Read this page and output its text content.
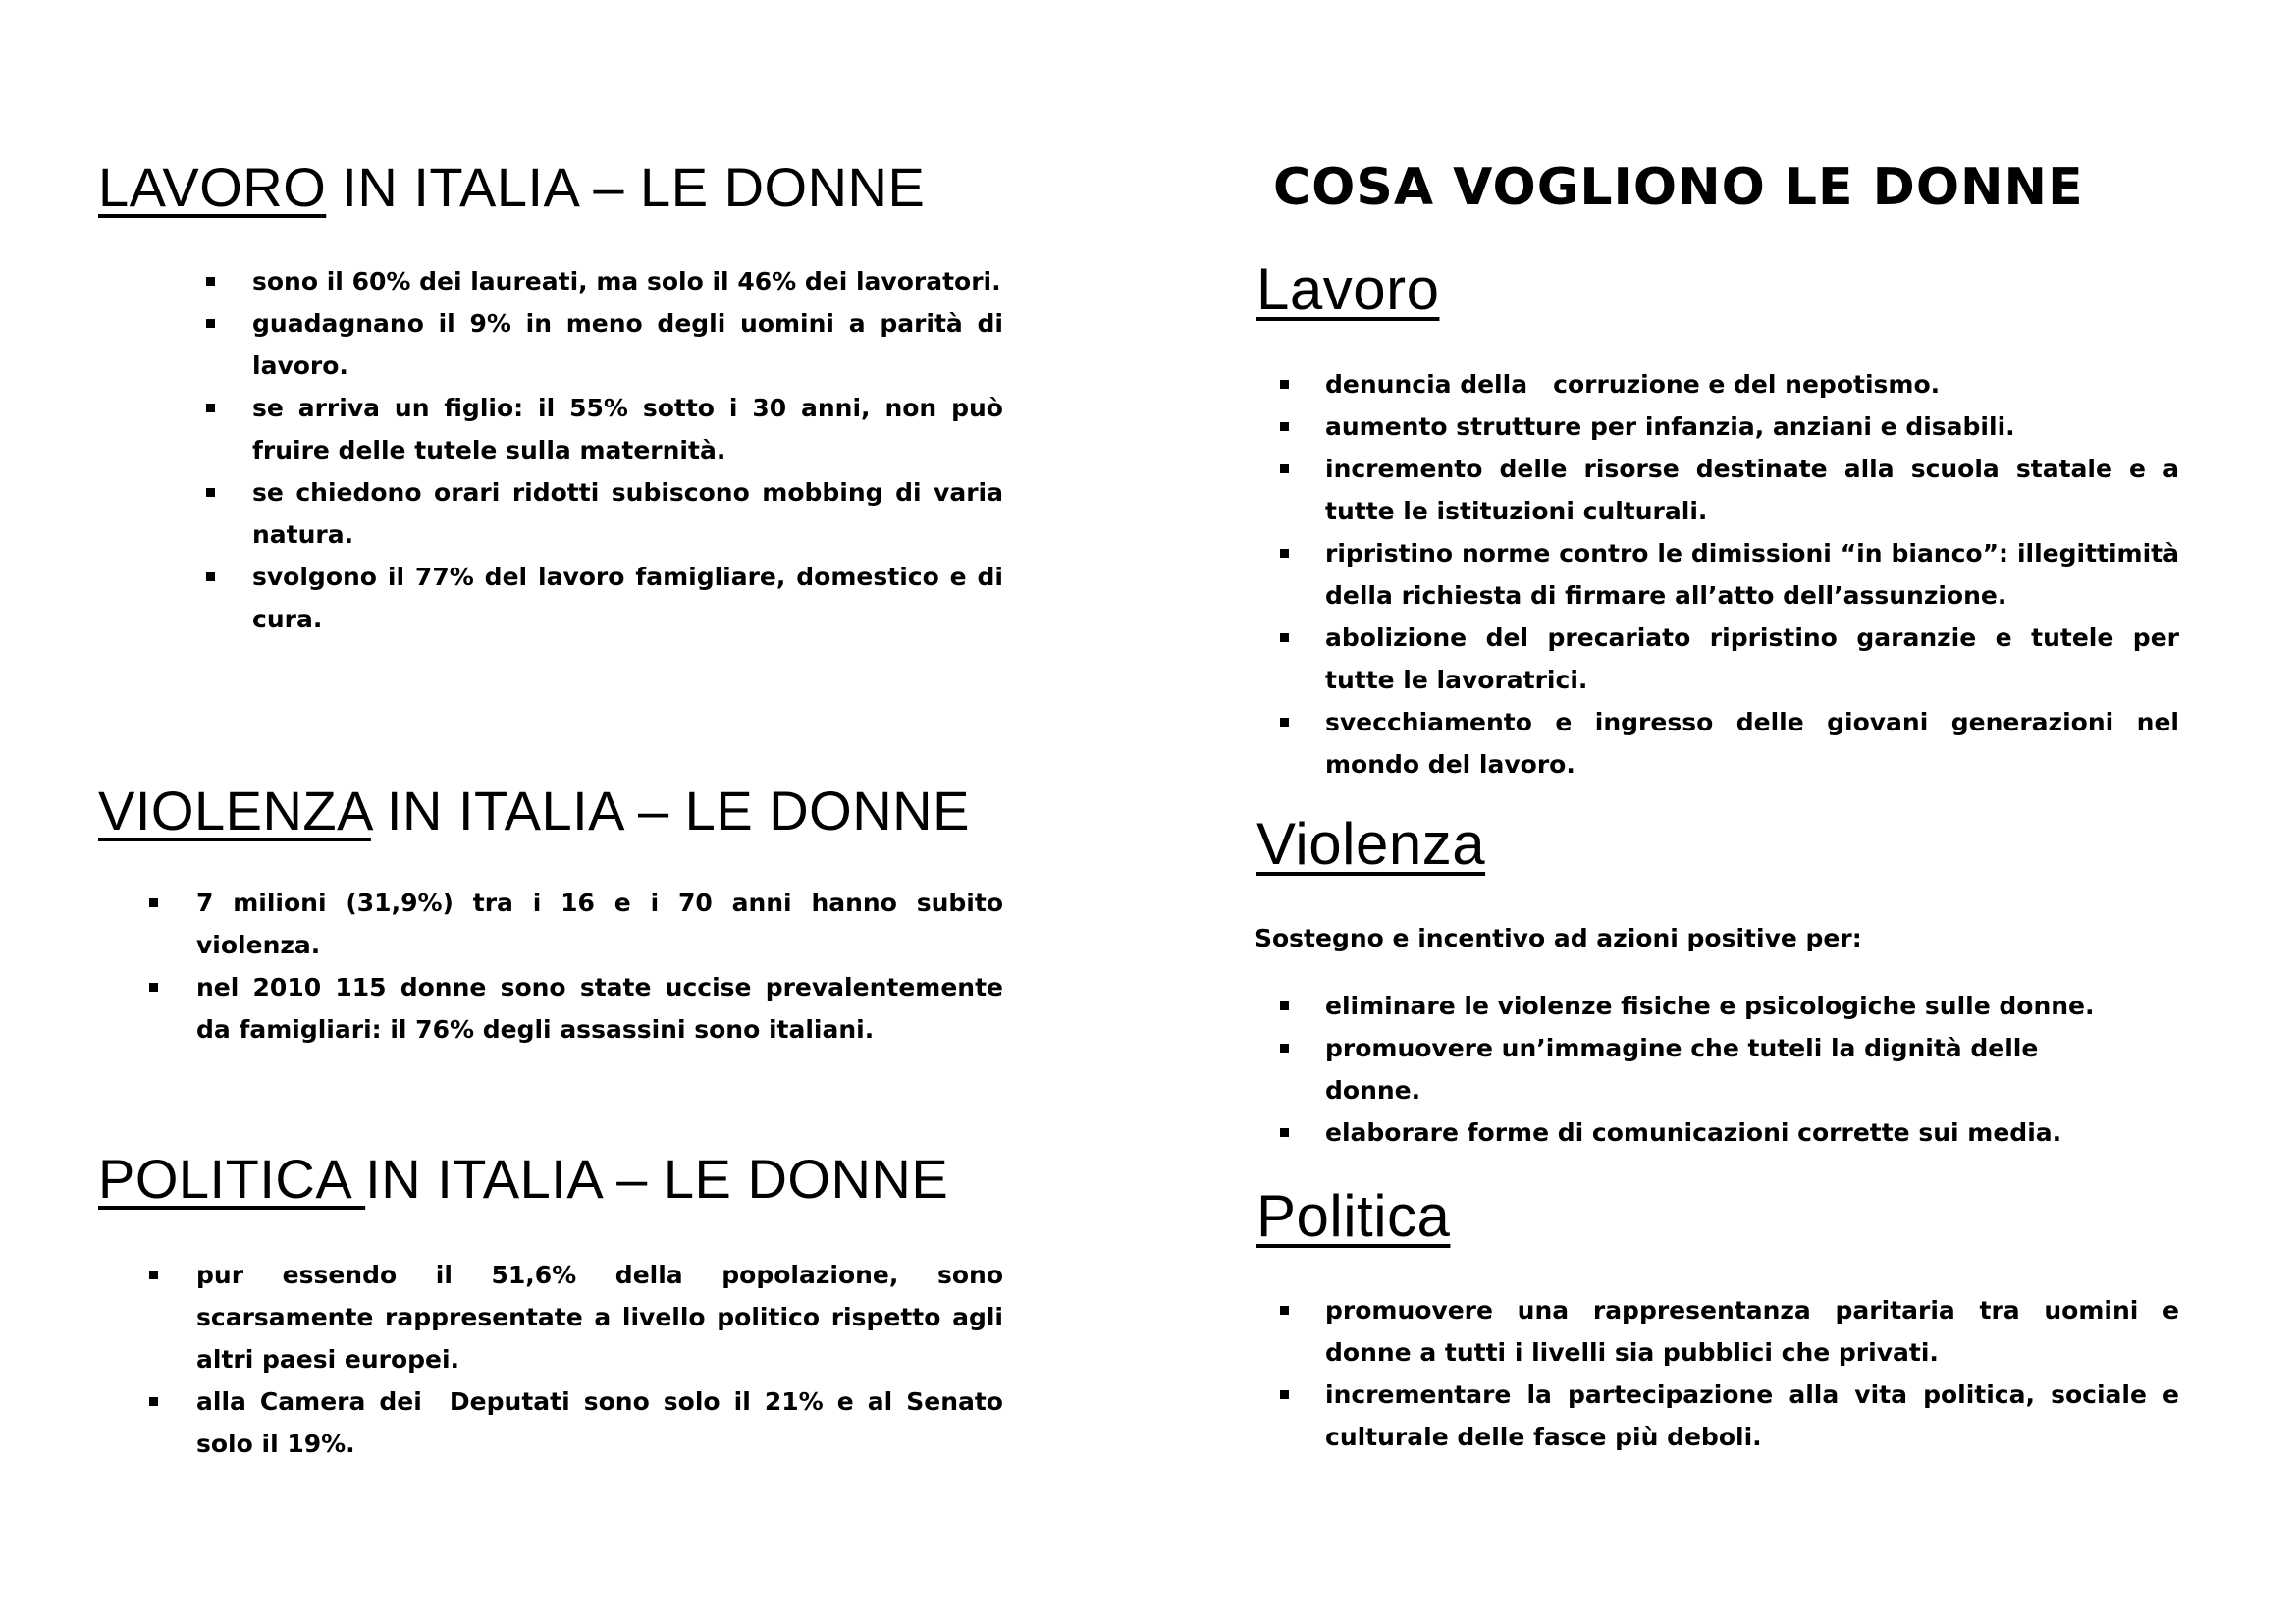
LAVORO IN ITALIA – LE DONNE
sono il 60% dei laureati, ma solo il 46% dei lavoratori.
guadagnano il 9% in meno degli uomini a parità di lavoro.
se arriva un figlio: il 55% sotto i 30 anni, non può fruire delle tutele sulla maternità.
se chiedono orari ridotti subiscono mobbing di varia natura.
svolgono il 77% del lavoro famigliare, domestico e di cura.
VIOLENZA IN ITALIA – LE DONNE
7 milioni (31,9%) tra i 16 e i 70 anni hanno subito violenza.
nel 2010 115 donne sono state uccise prevalentemente da famigliari: il 76% degli assassini sono italiani.
POLITICA IN ITALIA – LE DONNE
pur essendo il 51,6% della popolazione, sono scarsamente rappresentate a livello politico rispetto agli altri paesi europei.
alla Camera dei  Deputati sono solo il 21% e al Senato solo il 19%.
COSA VOGLIONO LE DONNE
Lavoro
denuncia della   corruzione e del nepotismo.
aumento strutture per infanzia, anziani e disabili.
incremento delle risorse destinate alla scuola statale e a tutte le istituzioni culturali.
ripristino norme contro le dimissioni “in bianco”: illegittimità della richiesta di firmare all’atto dell’assunzione.
abolizione del precariato ripristino garanzie e tutele per tutte le lavoratrici.
svecchiamento e ingresso delle giovani generazioni nel mondo del lavoro.
Violenza
Sostegno e incentivo ad azioni positive per:
eliminare le violenze fisiche e psicologiche sulle donne.
promuovere un’immagine che tuteli la dignità delle donne.
elaborare forme di comunicazioni corrette sui media.
Politica
promuovere una rappresentanza paritaria tra uomini e donne a tutti i livelli sia pubblici che privati.
incrementare la partecipazione alla vita politica, sociale e culturale delle fasce più deboli.
